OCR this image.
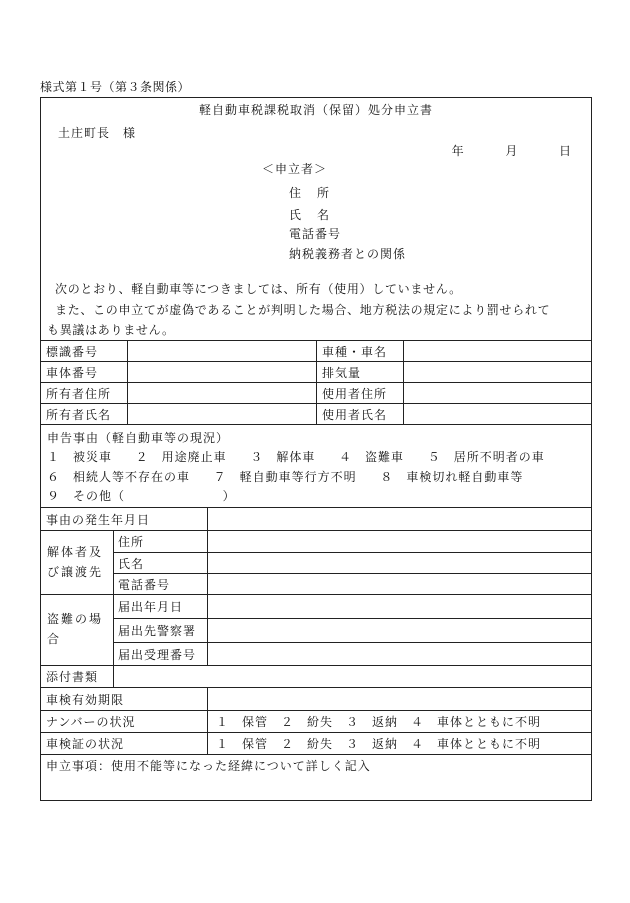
様式第１号（第３条関係）
軽自動車税課税取消（保留）処分申立書
土庄町長　様
年	月	日
＜申立者＞
住所
氏名
電話番号
納税義務者との関係
次のとおり、軽自動車等につきましては、所有（使用）していません。
また、この申立てが虚偽であることが判明した場合、地方税法の規定により罰せられて
も異議はありません。
標識番号	車種・車名
車体番号	排気量
所有者住所	使用者住所
所有者氏名	使用者氏名
申告事由（軽自動車等の現況）
１　被災車 ２　用途廃止車 ３　解体車 ４　盗難車 ５　居所不明者の車
６　相続人等不存在の車 ７　軽自動車等行方不明 ８　車検切れ軽自動車等
９　その他（	）
事由の発生年月日
解体者及
び譲渡先
住所
氏名
電話番号
盗難の場
合
届出年月日
届出先警察署
届出受理番号
添付書類
車検有効期限
ナンバーの状況	１　保管　２　紛失　３　返納　４　車体とともに不明
車検証の状況	１　保管　２　紛失　３　返納　４　車体とともに不明
申立事項：使用不能等になった経緯について詳しく記入
